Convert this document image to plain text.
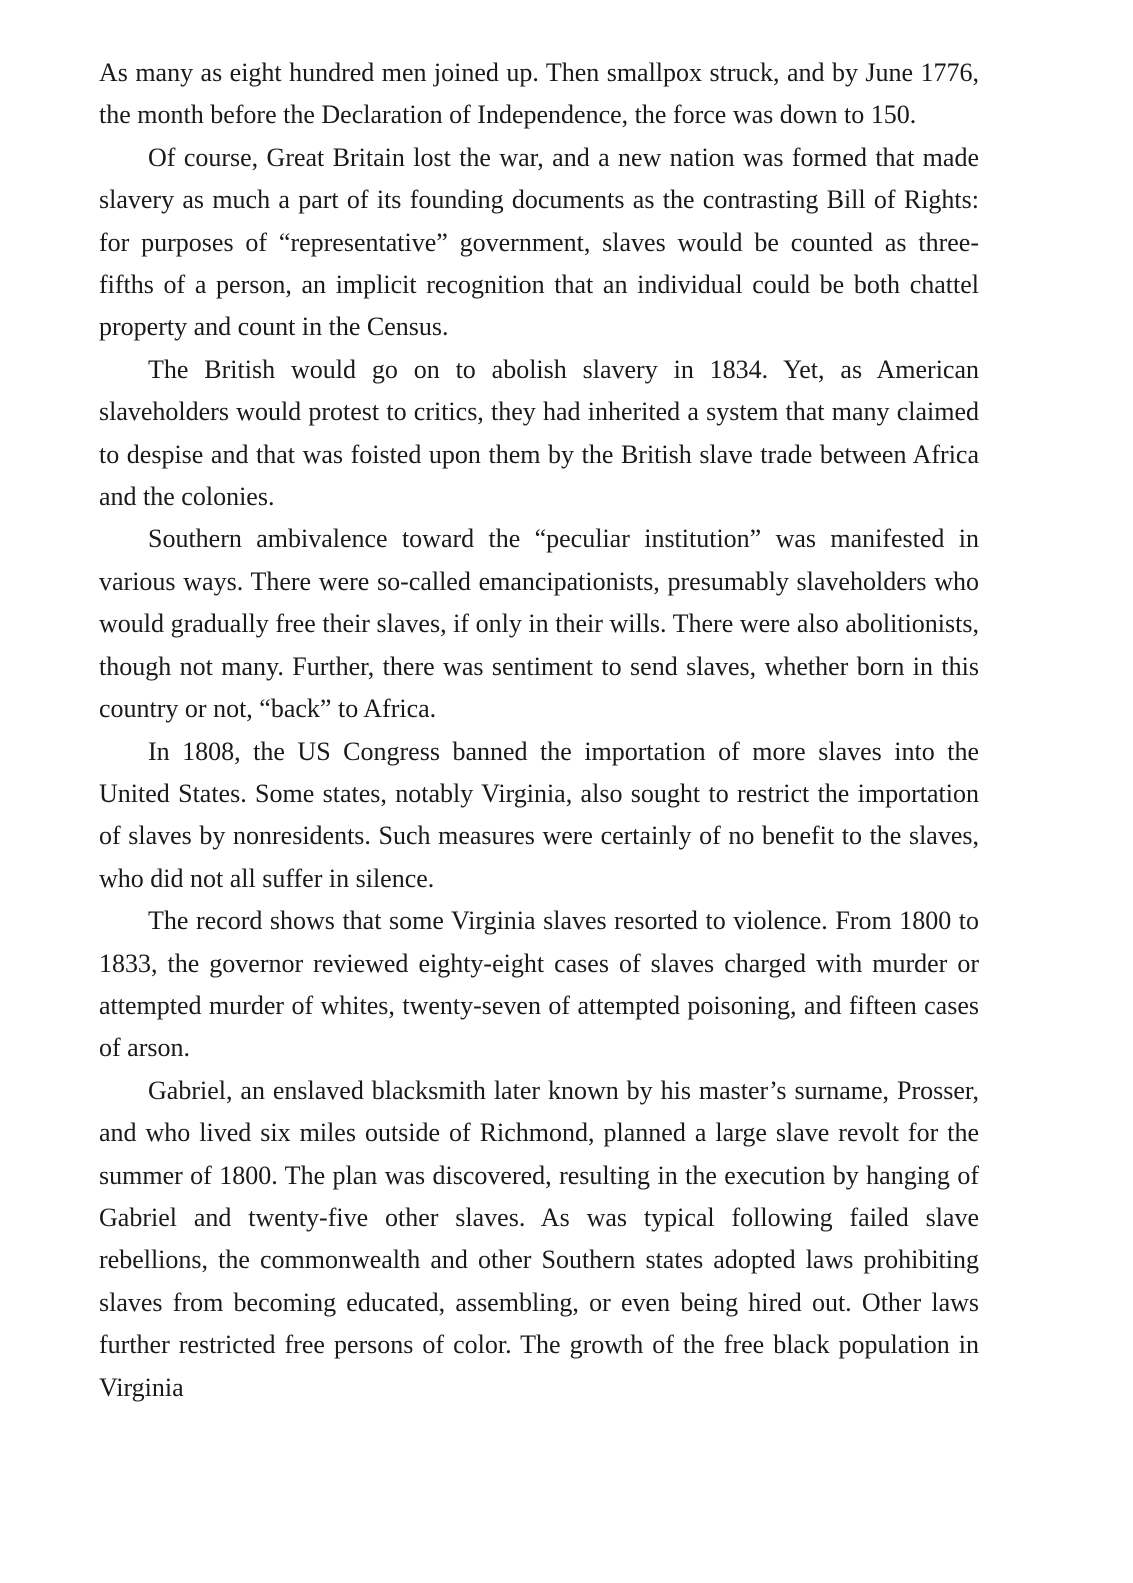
As many as eight hundred men joined up. Then smallpox struck, and by June 1776, the month before the Declaration of Independence, the force was down to 150.

Of course, Great Britain lost the war, and a new nation was formed that made slavery as much a part of its founding documents as the contrasting Bill of Rights: for purposes of “representative” government, slaves would be counted as three-fifths of a person, an implicit recognition that an individual could be both chattel property and count in the Census.

The British would go on to abolish slavery in 1834. Yet, as American slaveholders would protest to critics, they had inherited a system that many claimed to despise and that was foisted upon them by the British slave trade between Africa and the colonies.

Southern ambivalence toward the “peculiar institution” was manifested in various ways. There were so-called emancipationists, presumably slaveholders who would gradually free their slaves, if only in their wills. There were also abolitionists, though not many. Further, there was sentiment to send slaves, whether born in this country or not, “back” to Africa.

In 1808, the US Congress banned the importation of more slaves into the United States. Some states, notably Virginia, also sought to restrict the importation of slaves by nonresidents. Such measures were certainly of no benefit to the slaves, who did not all suffer in silence.

The record shows that some Virginia slaves resorted to violence. From 1800 to 1833, the governor reviewed eighty-eight cases of slaves charged with murder or attempted murder of whites, twenty-seven of attempted poisoning, and fifteen cases of arson.

Gabriel, an enslaved blacksmith later known by his master’s surname, Prosser, and who lived six miles outside of Richmond, planned a large slave revolt for the summer of 1800. The plan was discovered, resulting in the execution by hanging of Gabriel and twenty-five other slaves. As was typical following failed slave rebellions, the commonwealth and other Southern states adopted laws prohibiting slaves from becoming educated, assembling, or even being hired out. Other laws further restricted free persons of color. The growth of the free black population in Virginia
